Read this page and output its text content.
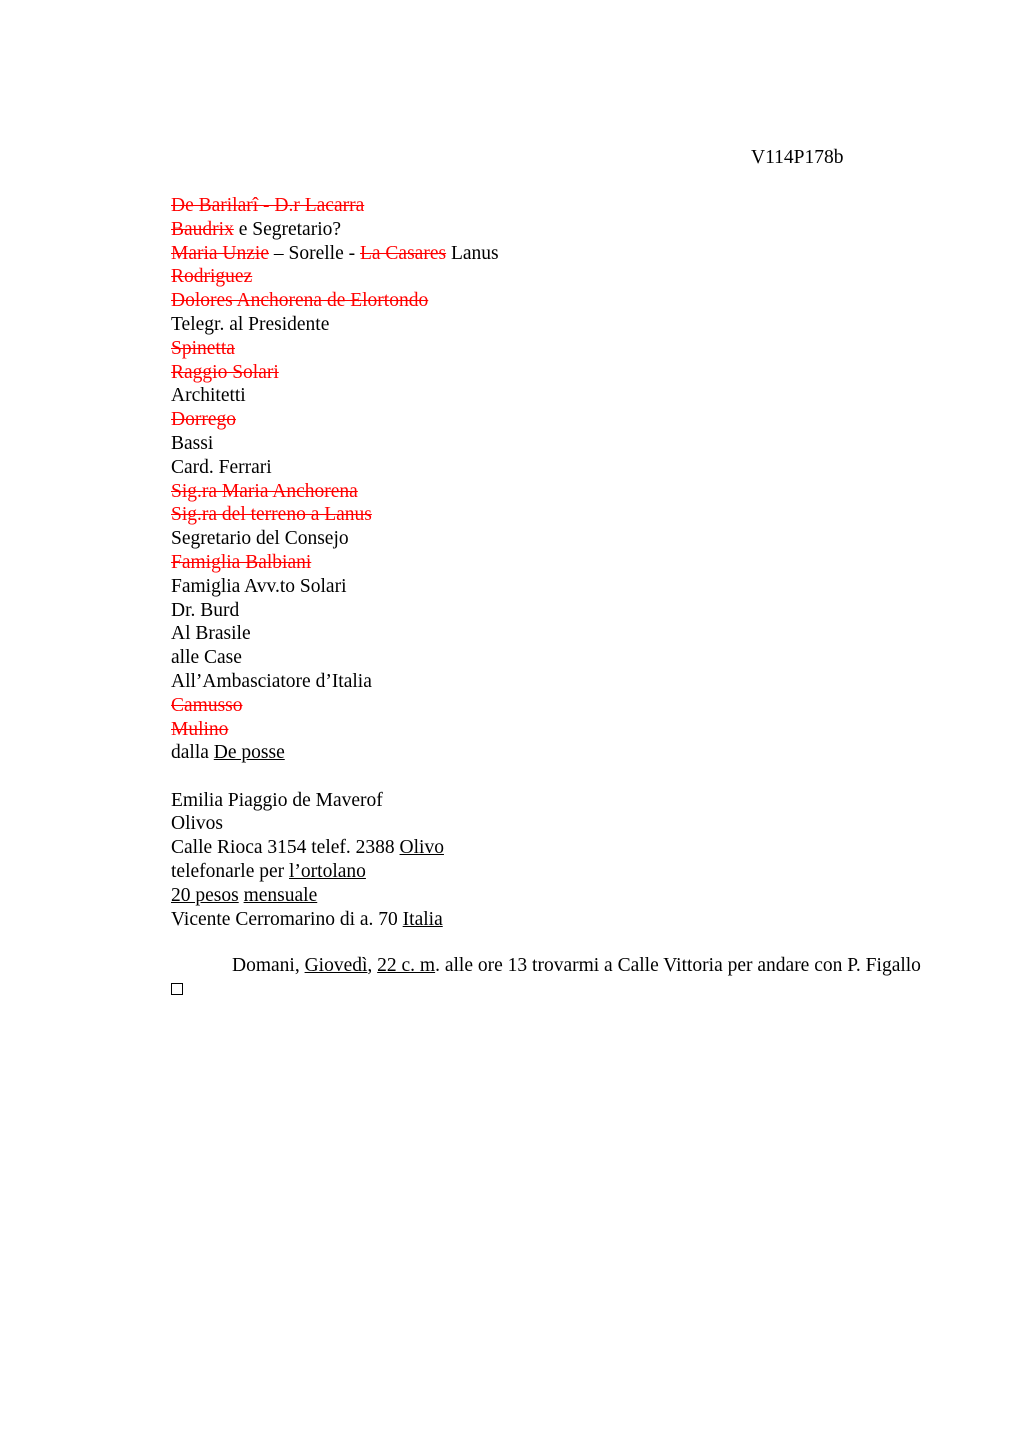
V114P178b
De Barilarî - D.r Lacarra
Baudrix e Segretario?
Maria Unzie – Sorelle - La Casares Lanus
Rodriguez
Dolores Anchorena de Elortondo
Telegr. al Presidente
Spinetta
Raggio Solari
Architetti
Dorrego
Bassi
Card. Ferrari
Sig.ra Maria Anchorena
Sig.ra del terreno a Lanus
Segretario del Consejo
Famiglia Balbiani
Famiglia Avv.to Solari
Dr. Burd
Al Brasile
alle Case
All’Ambasciatore d’Italia
Camusso
Mulino
dalla De posse
Emilia Piaggio de Maverof
Olivos
Calle Rioca 3154 telef. 2388 Olivo
telefonarle per l’ortolano
20 pesos mensuale
Vicente Cerromarino di a. 70 Italia
Domani, Giovedì, 22 c. m. alle ore 13 trovarmi a Calle Vittoria per andare con P. Figallo
